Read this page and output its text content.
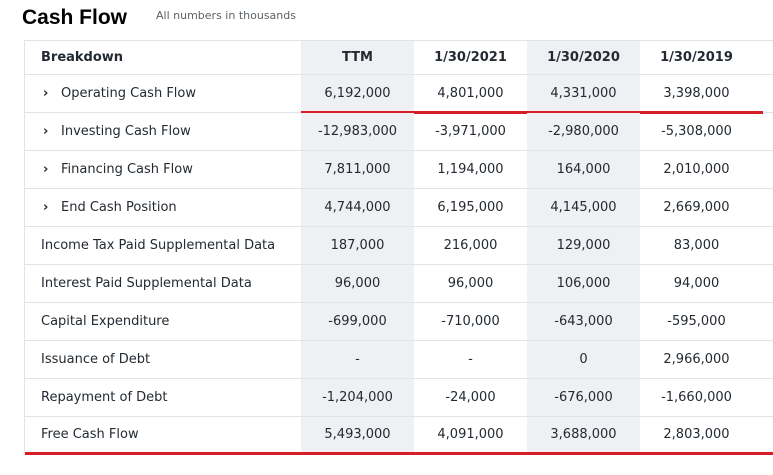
Cash Flow	All numbers in thousands
Breakdown	TTM	1/30/2021	1/30/2020	1/30/2019
› Operating Cash Flow	6,192,000	4,801,000	4,331,000	3,398,000
› Investing Cash Flow	-12,983,000	-3,971,000	-2,980,000	-5,308,000
› Financing Cash Flow	7,811,000	1,194,000	164,000	2,010,000
› End Cash Position	4,744,000	6,195,000	4,145,000	2,669,000
Income Tax Paid Supplemental Data	187,000	216,000	129,000	83,000
Interest Paid Supplemental Data	96,000	96,000	106,000	94,000
Capital Expenditure	-699,000	-710,000	-643,000	-595,000
Issuance of Debt	-	-	0	2,966,000
Repayment of Debt	-1,204,000	-24,000	-676,000	-1,660,000
Free Cash Flow	5,493,000	4,091,000	3,688,000	2,803,000
